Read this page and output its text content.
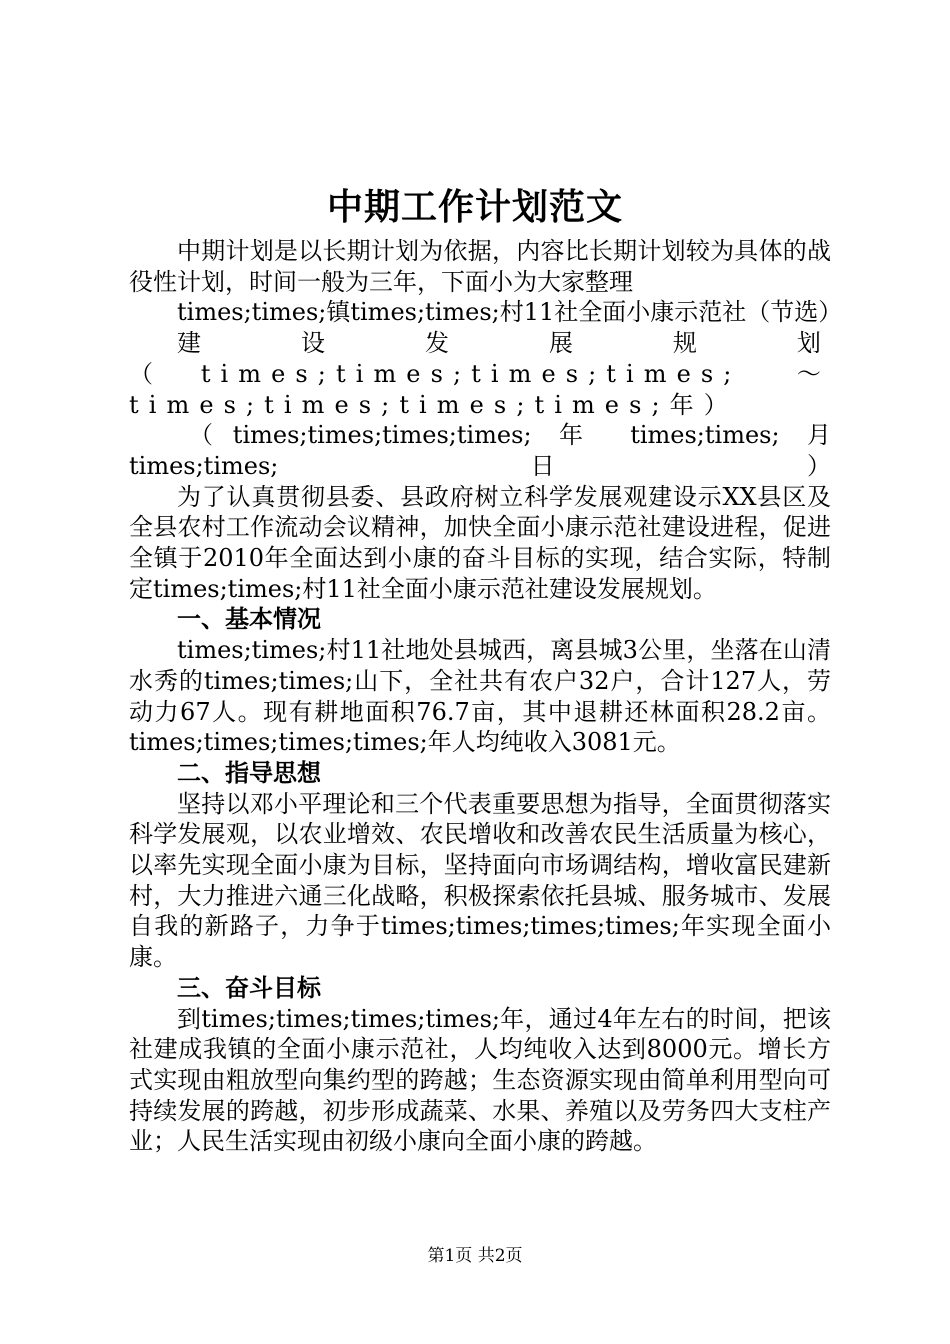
中期工作计划范文

中期计划是以长期计划为依据，内容比长期计划较为具体的战役性计划，时间一般为三年，下面小为大家整理

times;times;镇times;times;村11社全面小康示范社（节选）

建设发展规划（times;times;times;times; ～ times;times;times;times;年）

（times;times;times;times; 年 times;times; 月 times;times;日）

为了认真贯彻县委、县政府树立科学发展观建设示XX县区及全县农村工作流动会议精神，加快全面小康示范社建设进程，促进全镇于2010年全面达到小康的奋斗目标的实现，结合实际，特制定times;times;村11社全面小康示范社建设发展规划。

一、基本情况

times;times;村11社地处县城西，离县城3公里，坐落在山清水秀的times;times;山下，全社共有农户32户，合计127人，劳动力67人。现有耕地面积76.7亩，其中退耕还林面积28.2亩。times;times;times;times;年人均纯收入3081元。

二、指导思想

坚持以邓小平理论和三个代表重要思想为指导，全面贯彻落实科学发展观，以农业增效、农民增收和改善农民生活质量为核心，以率先实现全面小康为目标，坚持面向市场调结构，增收富民建新村，大力推进六通三化战略，积极探索依托县城、服务城市、发展自我的新路子，力争于times;times;times;times;年实现全面小康。

三、奋斗目标

到times;times;times;times;年，通过4年左右的时间，把该社建成我镇的全面小康示范社，人均纯收入达到8000元。增长方式实现由粗放型向集约型的跨越；生态资源实现由简单利用型向可持续发展的跨越，初步形成蔬菜、水果、养殖以及劳务四大支柱产业；人民生活实现由初级小康向全面小康的跨越。

第1页 共2页
